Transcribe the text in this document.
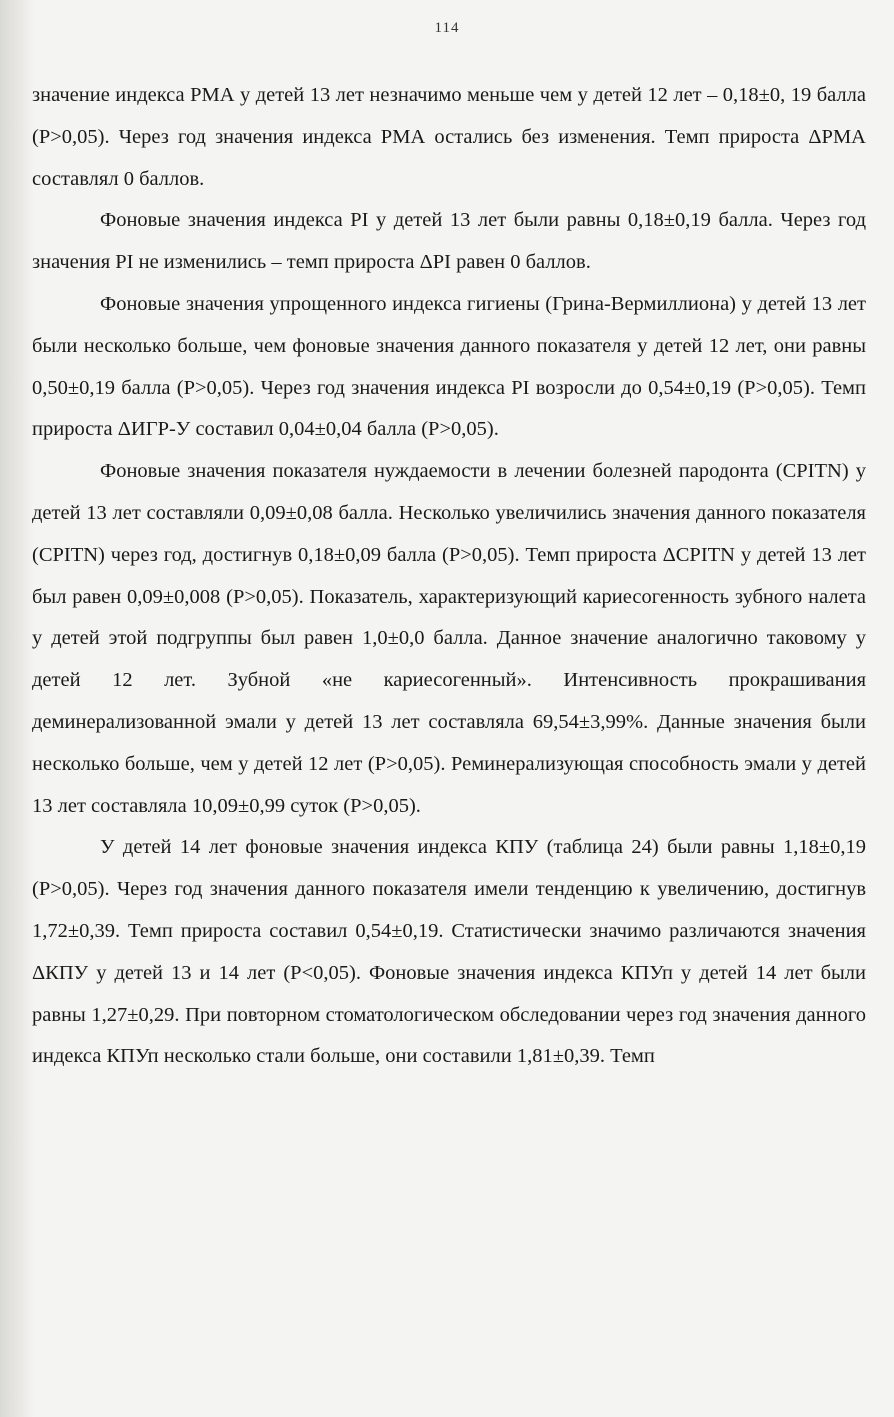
114

значение индекса РМА у детей 13 лет незначимо меньше чем у детей 12 лет – 0,18±0, 19 балла (Р>0,05). Через год значения индекса РМА остались без изменения. Темп прироста ΔРМА составлял 0 баллов.

Фоновые значения индекса PI у детей 13 лет были равны 0,18±0,19 балла. Через год значения PI не изменились – темп прироста ΔPI равен 0 баллов.

Фоновые значения упрощенного индекса гигиены (Грина-Вермиллиона) у детей 13 лет были несколько больше, чем фоновые значения данного показателя у детей 12 лет, они равны 0,50±0,19 балла (Р>0,05). Через год значения индекса PI возросли до 0,54±0,19 (Р>0,05). Темп прироста ΔИГР-У составил 0,04±0,04 балла (Р>0,05).

Фоновые значения показателя нуждаемости в лечении болезней пародонта (CPITN) у детей 13 лет составляли 0,09±0,08 балла. Несколько увеличились значения данного показателя (CPITN) через год, достигнув 0,18±0,09 балла (Р>0,05). Темп прироста ΔCPITN у детей 13 лет был равен 0,09±0,008 (Р>0,05). Показатель, характеризующий кариесогенность зубного налета у детей этой подгруппы был равен 1,0±0,0 балла. Данное значение аналогично таковому у детей 12 лет. Зубной «не кариесогенный». Интенсивность прокрашивания деминерализованной эмали у детей 13 лет составляла 69,54±3,99%. Данные значения были несколько больше, чем у детей 12 лет (Р>0,05). Реминерализующая способность эмали у детей 13 лет составляла 10,09±0,99 суток (Р>0,05).

У детей 14 лет фоновые значения индекса КПУ (таблица 24) были равны 1,18±0,19 (Р>0,05). Через год значения данного показателя имели тенденцию к увеличению, достигнув 1,72±0,39. Темп прироста составил 0,54±0,19. Статистически значимо различаются значения ΔКПУ у детей 13 и 14 лет (Р<0,05). Фоновые значения индекса КПУп у детей 14 лет были равны 1,27±0,29. При повторном стоматологическом обследовании через год значения данного индекса КПУп несколько стали больше, они составили 1,81±0,39. Темп
